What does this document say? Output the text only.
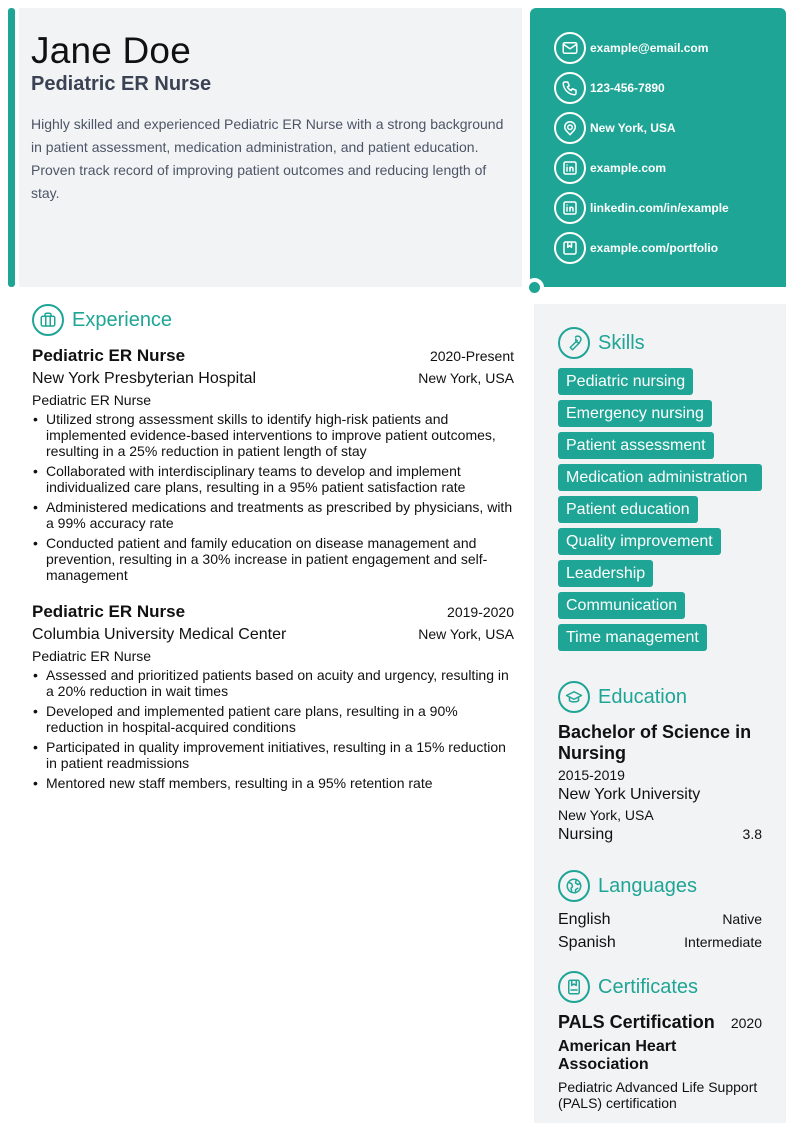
Jane Doe
Pediatric ER Nurse
Highly skilled and experienced Pediatric ER Nurse with a strong background in patient assessment, medication administration, and patient education. Proven track record of improving patient outcomes and reducing length of stay.
example@email.com
123-456-7890
New York, USA
example.com
linkedin.com/in/example
example.com/portfolio
Experience
Pediatric ER Nurse	2020-Present
New York Presbyterian Hospital	New York, USA
Pediatric ER Nurse
• Utilized strong assessment skills to identify high-risk patients and implemented evidence-based interventions to improve patient outcomes, resulting in a 25% reduction in patient length of stay
• Collaborated with interdisciplinary teams to develop and implement individualized care plans, resulting in a 95% patient satisfaction rate
• Administered medications and treatments as prescribed by physicians, with a 99% accuracy rate
• Conducted patient and family education on disease management and prevention, resulting in a 30% increase in patient engagement and self-management
Pediatric ER Nurse	2019-2020
Columbia University Medical Center	New York, USA
Pediatric ER Nurse
• Assessed and prioritized patients based on acuity and urgency, resulting in a 20% reduction in wait times
• Developed and implemented patient care plans, resulting in a 90% reduction in hospital-acquired conditions
• Participated in quality improvement initiatives, resulting in a 15% reduction in patient readmissions
• Mentored new staff members, resulting in a 95% retention rate
Skills
Pediatric nursing
Emergency nursing
Patient assessment
Medication administration
Patient education
Quality improvement
Leadership
Communication
Time management
Education
Bachelor of Science in Nursing
2015-2019
New York University
New York, USA
Nursing	3.8
Languages
English	Native
Spanish	Intermediate
Certificates
PALS Certification 2020
American Heart Association
Pediatric Advanced Life Support (PALS) certification
